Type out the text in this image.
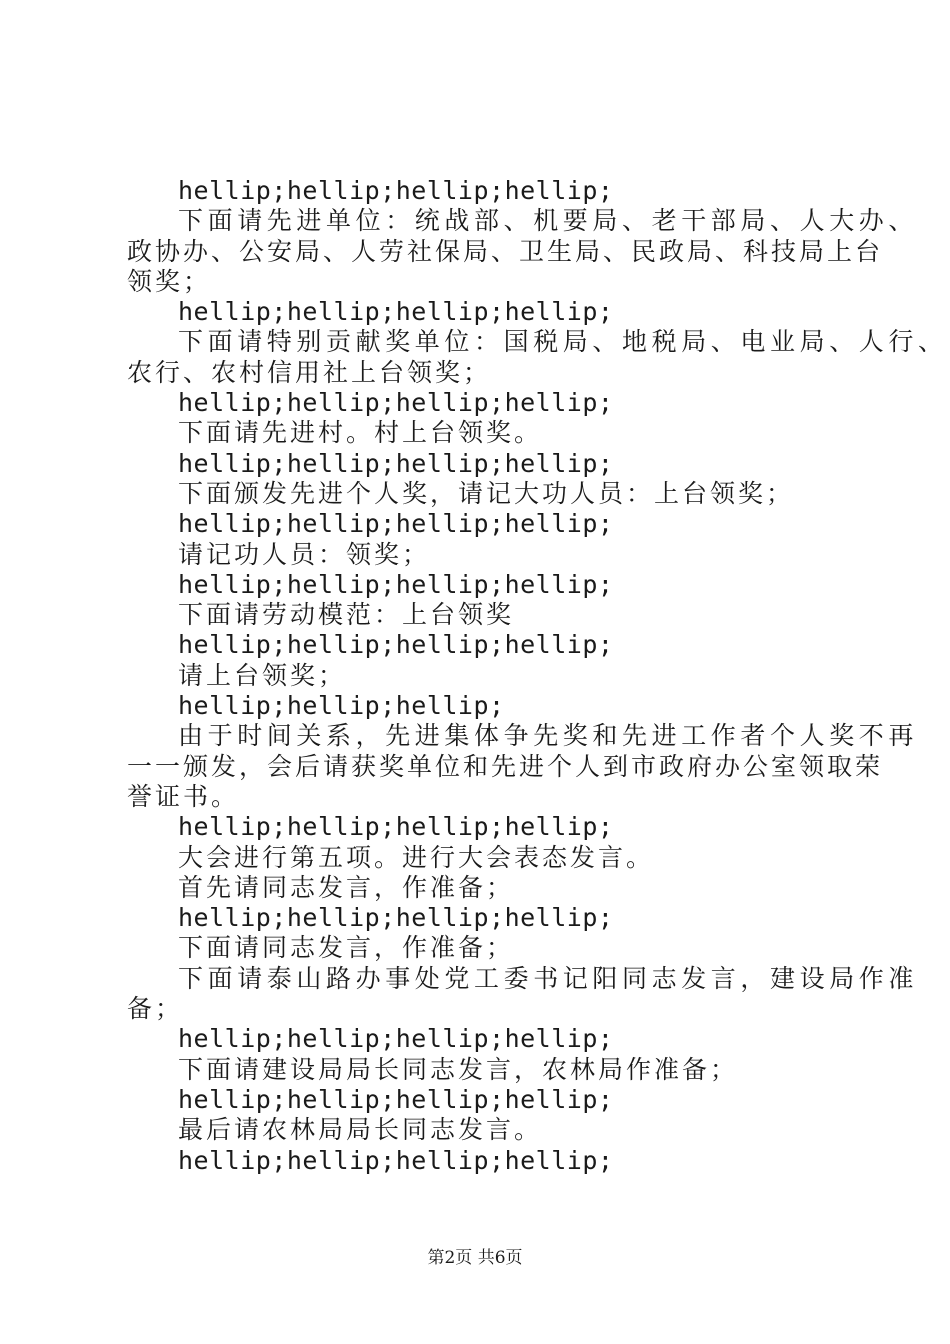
hellip;hellip;hellip;hellip;
下面请先进单位：统战部、机要局、老干部局、人大办、
政协办、公安局、人劳社保局、卫生局、民政局、科技局上台
领奖；
hellip;hellip;hellip;hellip;
下面请特别贡献奖单位：国税局、地税局、电业局、人行、
农行、农村信用社上台领奖；
hellip;hellip;hellip;hellip;
下面请先进村。村上台领奖。
hellip;hellip;hellip;hellip;
下面颁发先进个人奖，请记大功人员：上台领奖；
hellip;hellip;hellip;hellip;
请记功人员：领奖；
hellip;hellip;hellip;hellip;
下面请劳动模范：上台领奖
hellip;hellip;hellip;hellip;
请上台领奖；
hellip;hellip;hellip;
由于时间关系，先进集体争先奖和先进工作者个人奖不再
一一颁发，会后请获奖单位和先进个人到市政府办公室领取荣
誉证书。
hellip;hellip;hellip;hellip;
大会进行第五项。进行大会表态发言。
首先请同志发言，作准备；
hellip;hellip;hellip;hellip;
下面请同志发言，作准备；
下面请泰山路办事处党工委书记阳同志发言，建设局作准
备；
hellip;hellip;hellip;hellip;
下面请建设局局长同志发言，农林局作准备；
hellip;hellip;hellip;hellip;
最后请农林局局长同志发言。
hellip;hellip;hellip;hellip;
第2页 共6页
